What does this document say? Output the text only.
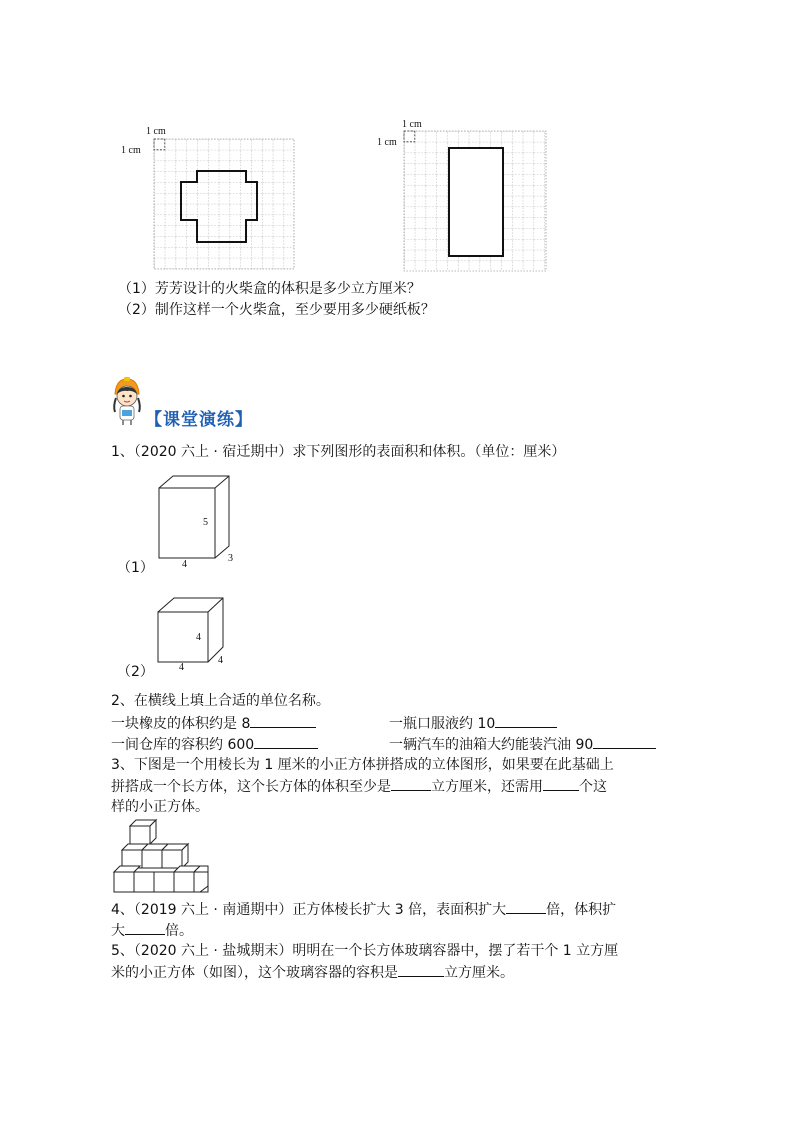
1 cm
1 cm
1 cm
1 cm
（1）芳芳设计的火柴盒的体积是多少立方厘米？
（2）制作这样一个火柴盒，至少要用多少硬纸板？
【课堂演练】
1、（2020 六上 · 宿迁期中）求下列图形的表面积和体积。（单位：厘米）
5
3
4
（1）
4
4
4
（2）
2、在横线上填上合适的单位名称。
一块橡皮的体积约是 8	一瓶口服液约 10
一间仓库的容积约 600	一辆汽车的油箱大约能装汽油 90
3、下图是一个用棱长为 1 厘米的小正方体拼搭成的立体图形，如果要在此基础上
拼搭成一个长方体，这个长方体的体积至少是	立方厘米，还需用	个这
样的小正方体。
4、（2019 六上 · 南通期中）正方体棱长扩大 3 倍，表面积扩大	倍，体积扩
大	倍。
5、（2020 六上 · 盐城期末）明明在一个长方体玻璃容器中，摆了若干个 1 立方厘
米的小正方体（如图），这个玻璃容器的容积是	立方厘米。
